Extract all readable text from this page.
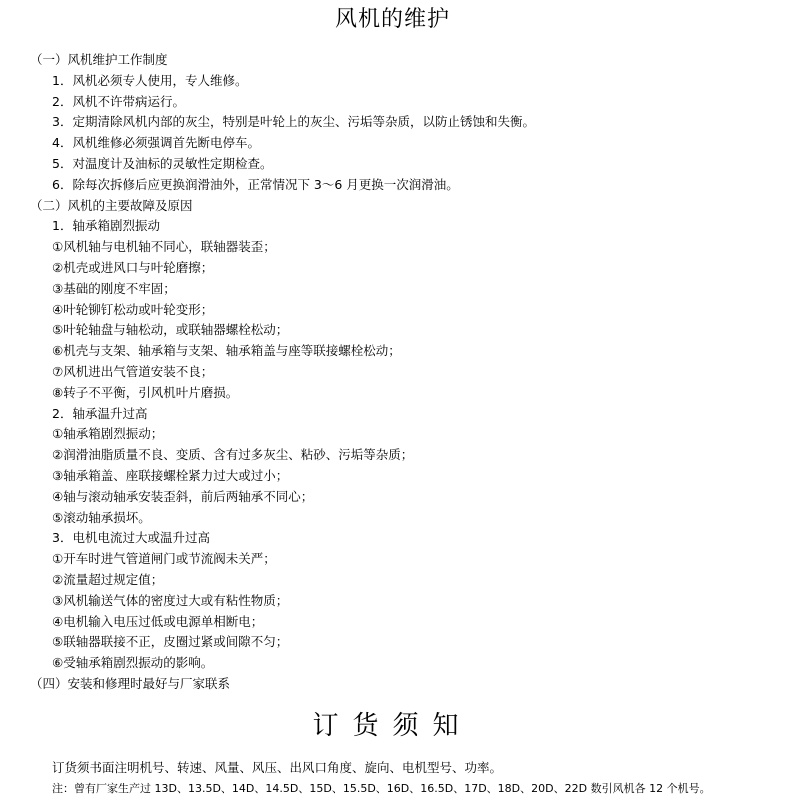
风机的维护
（一）风机维护工作制度
1．风机必须专人使用，专人维修。
2．风机不许带病运行。
3．定期清除风机内部的灰尘，特别是叶轮上的灰尘、污垢等杂质，以防止锈蚀和失衡。
4．风机维修必须强调首先断电停车。
5．对温度计及油标的灵敏性定期检查。
6．除每次拆修后应更换润滑油外，正常情况下 3～6 月更换一次润滑油。
（二）风机的主要故障及原因
1．轴承箱剧烈振动
①风机轴与电机轴不同心，联轴器装歪；
②机壳或进风口与叶轮磨擦；
③基础的刚度不牢固；
④叶轮铆钉松动或叶轮变形；
⑤叶轮轴盘与轴松动，或联轴器螺栓松动；
⑥机壳与支架、轴承箱与支架、轴承箱盖与座等联接螺栓松动；
⑦风机进出气管道安装不良；
⑧转子不平衡，引风机叶片磨损。
2．轴承温升过高
①轴承箱剧烈振动；
②润滑油脂质量不良、变质、含有过多灰尘、粘砂、污垢等杂质；
③轴承箱盖、座联接螺栓紧力过大或过小；
④轴与滚动轴承安装歪斜，前后两轴承不同心；
⑤滚动轴承损坏。
3．电机电流过大或温升过高
①开车时进气管道闸门或节流阀未关严；
②流量超过规定值；
③风机输送气体的密度过大或有粘性物质；
④电机输入电压过低或电源单相断电；
⑤联轴器联接不正，皮圈过紧或间隙不匀；
⑥受轴承箱剧烈振动的影响。
（四）安装和修理时最好与厂家联系
订货须知
订货须书面注明机号、转速、风量、风压、出风口角度、旋向、电机型号、功率。
注：曾有厂家生产过 13D、13.5D、14D、14.5D、15D、15.5D、16D、16.5D、17D、18D、20D、22D 数引风机各 12 个机号。
